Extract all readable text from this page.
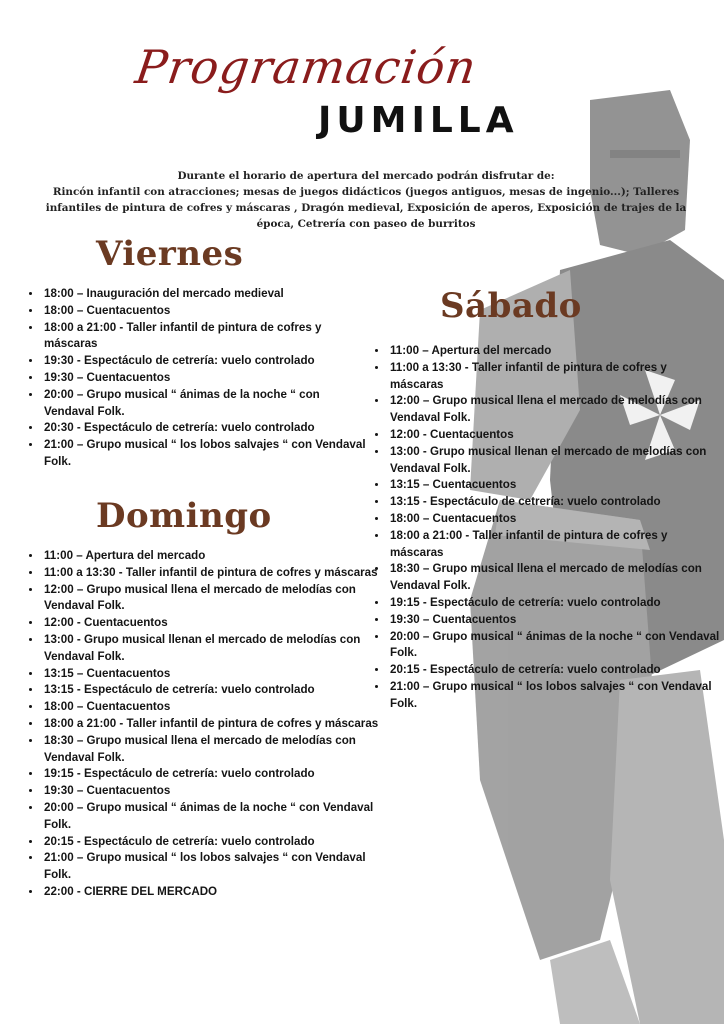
Programación
JUMILLA

Durante el horario de apertura del mercado podrán disfrutar de:

Rincón infantil con atracciones; mesas de juegos didácticos (juegos antiguos, mesas de ingenio...); Talleres infantiles de pintura de cofres y máscaras , Dragón medieval, Exposición de aperos, Exposición de trajes de la época, Cetrería con paseo de burritos

Viernes
• 18:00 – Inauguración del mercado medieval
• 18:00 – Cuentacuentos
• 18:00 a 21:00 - Taller infantil de pintura de cofres y máscaras
• 19:30 - Espectáculo de cetrería: vuelo controlado
• 19:30 – Cuentacuentos
• 20:00 – Grupo musical “ ánimas de la noche “ con Vendaval Folk.
• 20:30 - Espectáculo de cetrería: vuelo controlado
• 21:00 – Grupo musical “ los lobos salvajes “ con Vendaval Folk.
Domingo
• 11:00 – Apertura del mercado
• 11:00 a 13:30 - Taller infantil de pintura de cofres y máscaras
• 12:00 – Grupo musical llena el mercado de melodías con Vendaval Folk.
• 12:00 - Cuentacuentos
• 13:00 - Grupo musical llenan el mercado de melodías con Vendaval Folk.
• 13:15 – Cuentacuentos
• 13:15 - Espectáculo de cetrería: vuelo controlado
• 18:00 – Cuentacuentos
• 18:00 a 21:00 - Taller infantil de pintura de cofres y máscaras
• 18:30 – Grupo musical llena el mercado de melodías con Vendaval Folk.
• 19:15 - Espectáculo de cetrería: vuelo controlado
• 19:30 – Cuentacuentos
• 20:00 – Grupo musical “ ánimas de la noche “ con Vendaval Folk.
• 20:15 - Espectáculo de cetrería: vuelo controlado
• 21:00 – Grupo musical “ los lobos salvajes “ con Vendaval Folk.
• 22:00 - CIERRE DEL MERCADO
Sábado
• 11:00 – Apertura del mercado
• 11:00 a 13:30 - Taller infantil de pintura de cofres y máscaras
• 12:00 – Grupo musical llena el mercado de melodías con Vendaval Folk.
• 12:00 - Cuentacuentos
• 13:00 - Grupo musical llenan el mercado de melodías con Vendaval Folk.
• 13:15 – Cuentacuentos
• 13:15 - Espectáculo de cetrería: vuelo controlado
• 18:00 – Cuentacuentos
• 18:00 a 21:00 - Taller infantil de pintura de cofres y máscaras
• 18:30 – Grupo musical llena el mercado de melodías con Vendaval Folk.
• 19:15 - Espectáculo de cetrería: vuelo controlado
• 19:30 – Cuentacuentos
• 20:00 – Grupo musical “ ánimas de la noche “ con Vendaval Folk.
• 20:15 - Espectáculo de cetrería: vuelo controlado
• 21:00 – Grupo musical “ los lobos salvajes “ con Vendaval Folk.
